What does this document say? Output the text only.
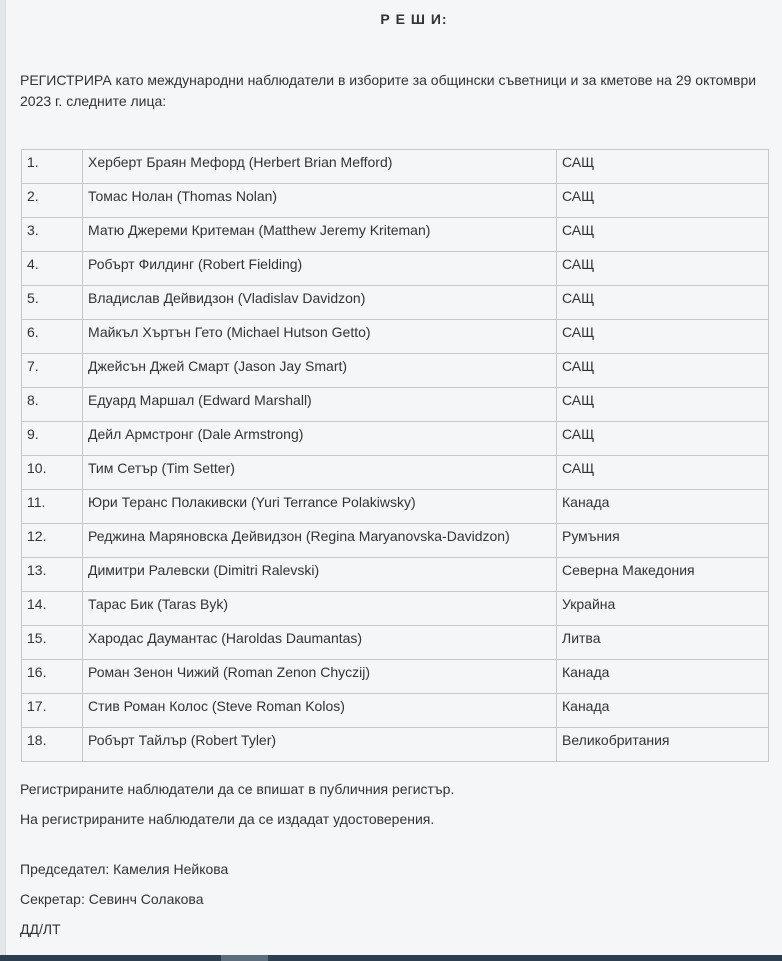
Р Е Ш И:
РЕГИСТРИРА като международни наблюдатели в изборите за общински съветници и за кметове на 29 октомври 2023 г. следните лица:
1.	Херберт Браян Мефорд (Herbert Brian Mefford)	САЩ
2.	Томас Нолан (Thomas Nolan)	САЩ
3.	Матю Джереми Критеман (Matthew Jeremy Kriteman)	САЩ
4.	Робърт Филдинг (Robert Fielding)	САЩ
5.	Владислав Дейвидзон (Vladislav Davidzon)	САЩ
6.	Майкъл Хъртън Гето (Michael Hutson Getto)	САЩ
7.	Джейсън Джей Смарт (Jason Jay Smart)	САЩ
8.	Едуард Маршал (Edward Marshall)	САЩ
9.	Дейл Армстронг (Dale Armstrong)	САЩ
10.	Тим Сетър (Tim Setter)	САЩ
11.	Юри Теранс Полакивски (Yuri Terrance Polakiwsky)	Канада
12.	Реджина Маряновска Дейвидзон (Regina Maryanovska-Davidzon)	Румъния
13.	Димитри Ралевски (Dimitri Ralevski)	Северна Македония
14.	Тарас Бик (Taras Byk)	Украйна
15.	Хародас Даумантас (Haroldas Daumantas)	Литва
16.	Роман Зенон Чижий (Roman Zenon Chyczij)	Канада
17.	Стив Роман Колос (Steve Roman Kolos)	Канада
18.	Робърт Тайлър (Robert Tyler)	Великобритания
Регистрираните наблюдатели да се впишат в публичния регистър.
На регистрираните наблюдатели да се издадат удостоверения.
Председател: Камелия Нейкова
Секретар: Севинч Солакова
ДД/ЛТ
